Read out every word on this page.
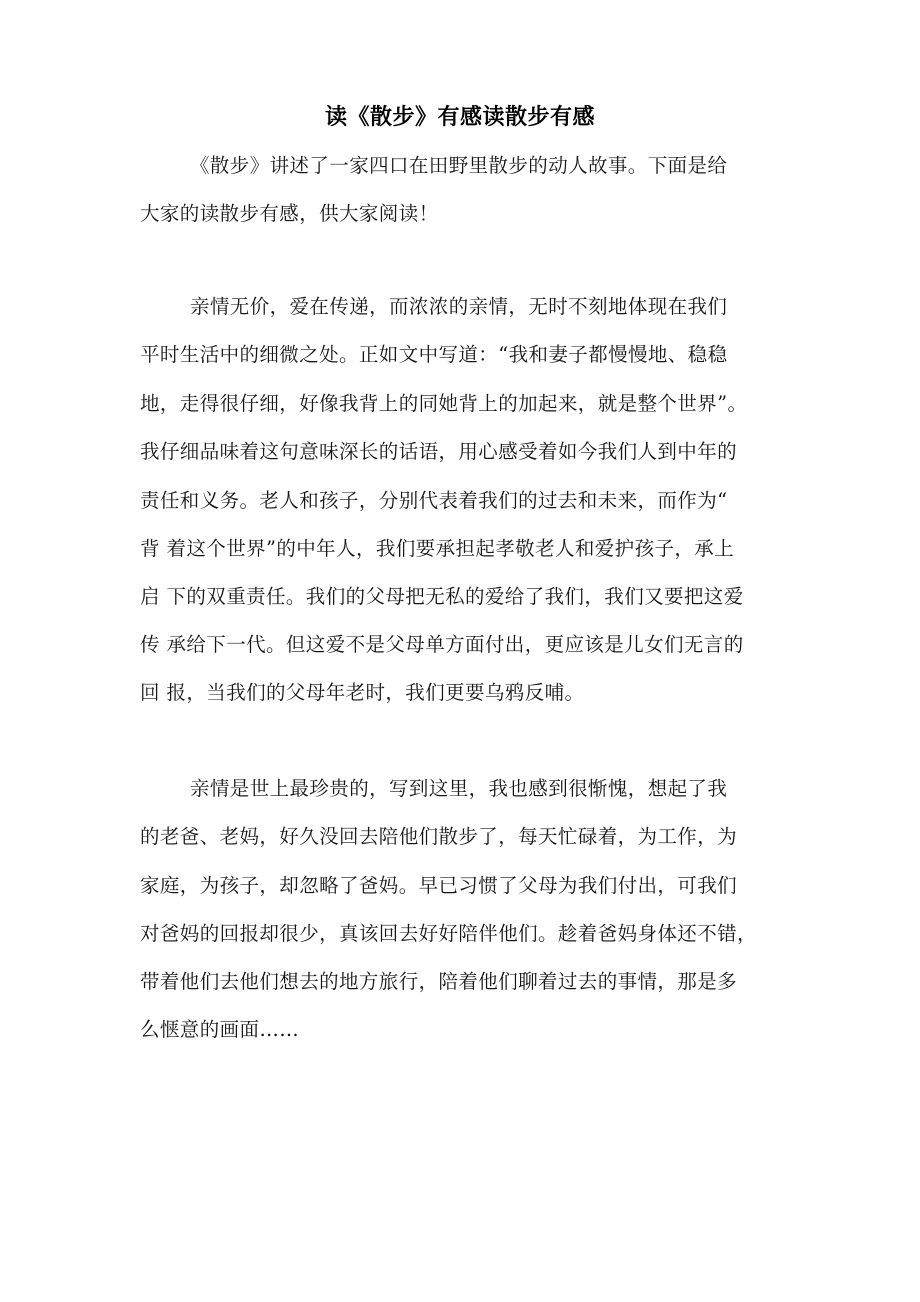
读《散步》有感读散步有感
《散步》讲述了一家四口在田野里散步的动人故事。下面是给
大家的读散步有感，供大家阅读！
亲情无价，爱在传递，而浓浓的亲情，无时不刻地体现在我们
平时生活中的细微之处。正如文中写道：“我和妻子都慢慢地、稳稳
地，走得很仔细，好像我背上的同她背上的加起来，就是整个世界”。
我仔细品味着这句意味深长的话语，用心感受着如今我们人到中年的
责任和义务。老人和孩子，分别代表着我们的过去和未来，而作为“
背 着这个世界”的中年人，我们要承担起孝敬老人和爱护孩子，承上
启 下的双重责任。我们的父母把无私的爱给了我们，我们又要把这爱
传 承给下一代。但这爱不是父母单方面付出，更应该是儿女们无言的
回 报，当我们的父母年老时，我们更要乌鸦反哺。
亲情是世上最珍贵的，写到这里，我也感到很惭愧，想起了我
的老爸、老妈，好久没回去陪他们散步了，每天忙碌着，为工作，为
家庭，为孩子，却忽略了爸妈。早已习惯了父母为我们付出，可我们
对爸妈的回报却很少，真该回去好好陪伴他们。趁着爸妈身体还不错，
带着他们去他们想去的地方旅行，陪着他们聊着过去的事情，那是多
么惬意的画面……
